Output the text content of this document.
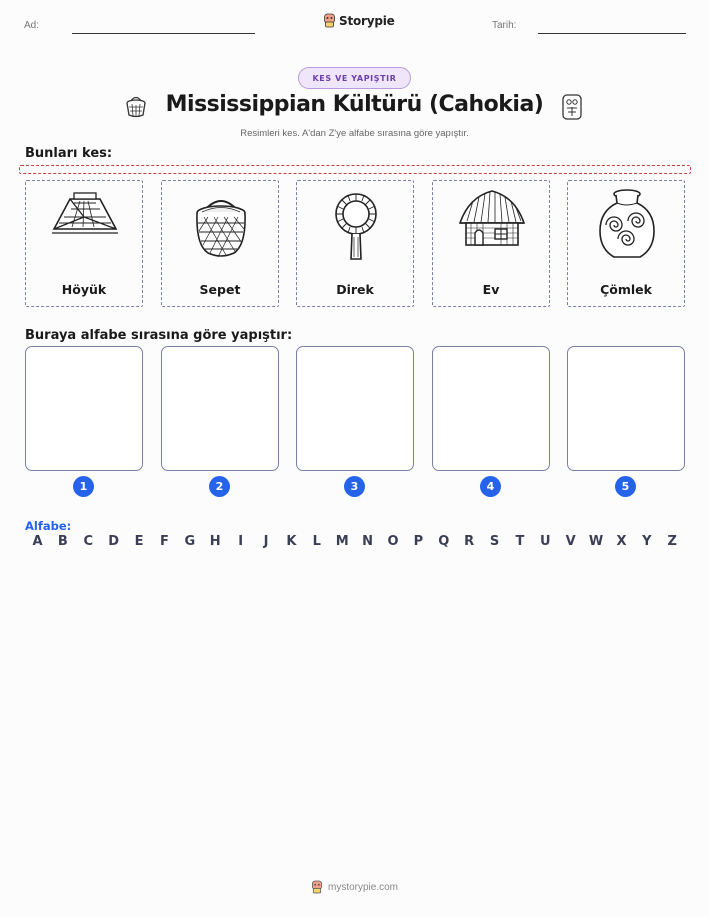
Ad:	Storypie	Tarih:
KES VE YAPIŞTIR
Mississippian Kültürü (Cahokia)
Resimleri kes. A'dan Z'ye alfabe sırasına göre yapıştır.
Bunları kes:
Höyük	Sepet	Direk	Ev	Çömlek
Buraya alfabe sırasına göre yapıştır:
1	2	3	4	5
Alfabe:
A	B	C	D	E	F	G	H	I	J	K	L	M	N	O	P	Q	R	S	T	U	V	W	X	Y	Z
mystorypie.com
